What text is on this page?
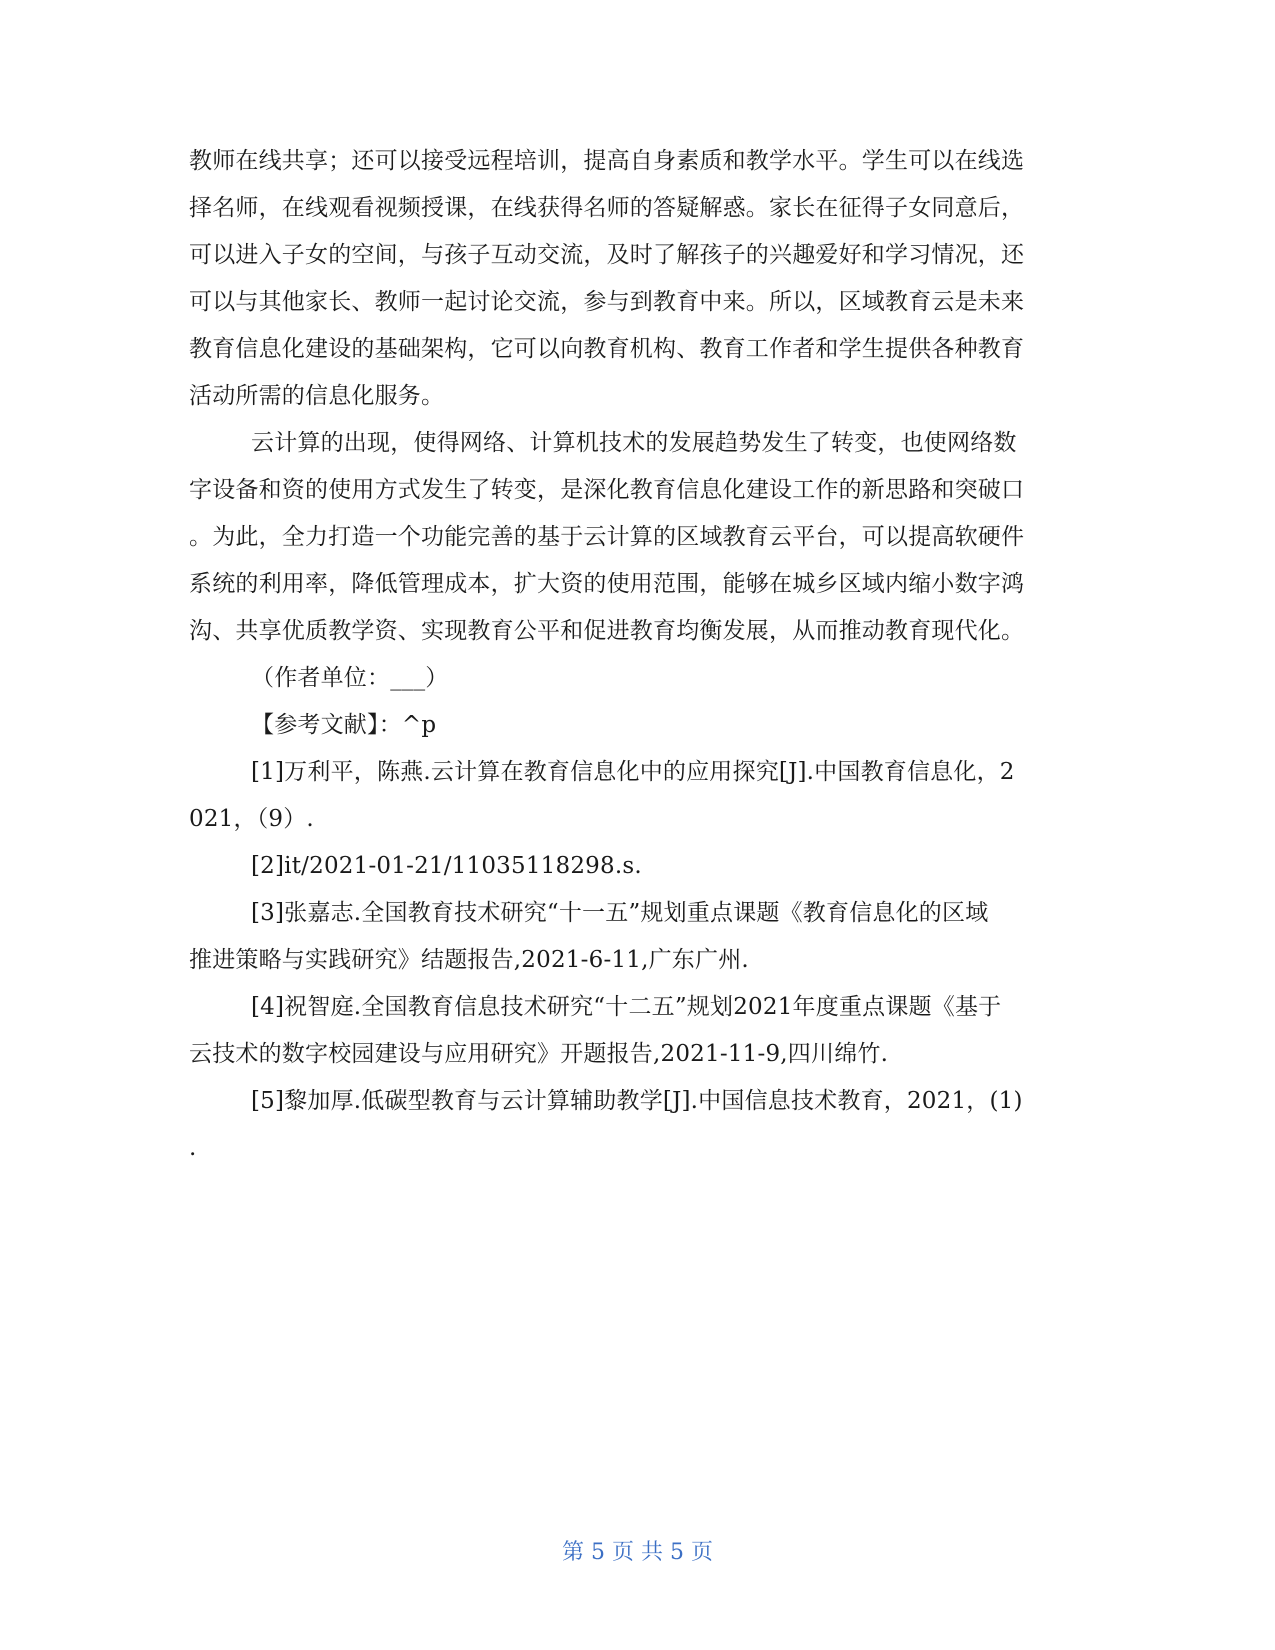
教师在线共享；还可以接受远程培训，提高自身素质和教学水平。学生可以在线选
择名师，在线观看视频授课，在线获得名师的答疑解惑。家长在征得子女同意后，
可以进入子女的空间，与孩子互动交流，及时了解孩子的兴趣爱好和学习情况，还
可以与其他家长、教师一起讨论交流，参与到教育中来。所以，区域教育云是未来
教育信息化建设的基础架构，它可以向教育机构、教育工作者和学生提供各种教育
活动所需的信息化服务。
云计算的出现，使得网络、计算机技术的发展趋势发生了转变，也使网络数
字设备和资的使用方式发生了转变，是深化教育信息化建设工作的新思路和突破口
。为此，全力打造一个功能完善的基于云计算的区域教育云平台，可以提高软硬件
系统的利用率，降低管理成本，扩大资的使用范围，能够在城乡区域内缩小数字鸿
沟、共享优质教学资、实现教育公平和促进教育均衡发展，从而推动教育现代化。
（作者单位：___）
【参考文献】：^p
[1]万利平，陈燕.云计算在教育信息化中的应用探究[J].中国教育信息化，2
021，（9）.
[2]it/2021-01-21/11035118298.s.
[3]张嘉志.全国教育技术研究“十一五”规划重点课题《教育信息化的区域
推进策略与实践研究》结题报告,2021-6-11,广东广州.
[4]祝智庭.全国教育信息技术研究“十二五”规划2021年度重点课题《基于
云技术的数字校园建设与应用研究》开题报告,2021-11-9,四川绵竹.
[5]黎加厚.低碳型教育与云计算辅助教学[J].中国信息技术教育，2021，(1)
.
第 5 页 共 5 页
